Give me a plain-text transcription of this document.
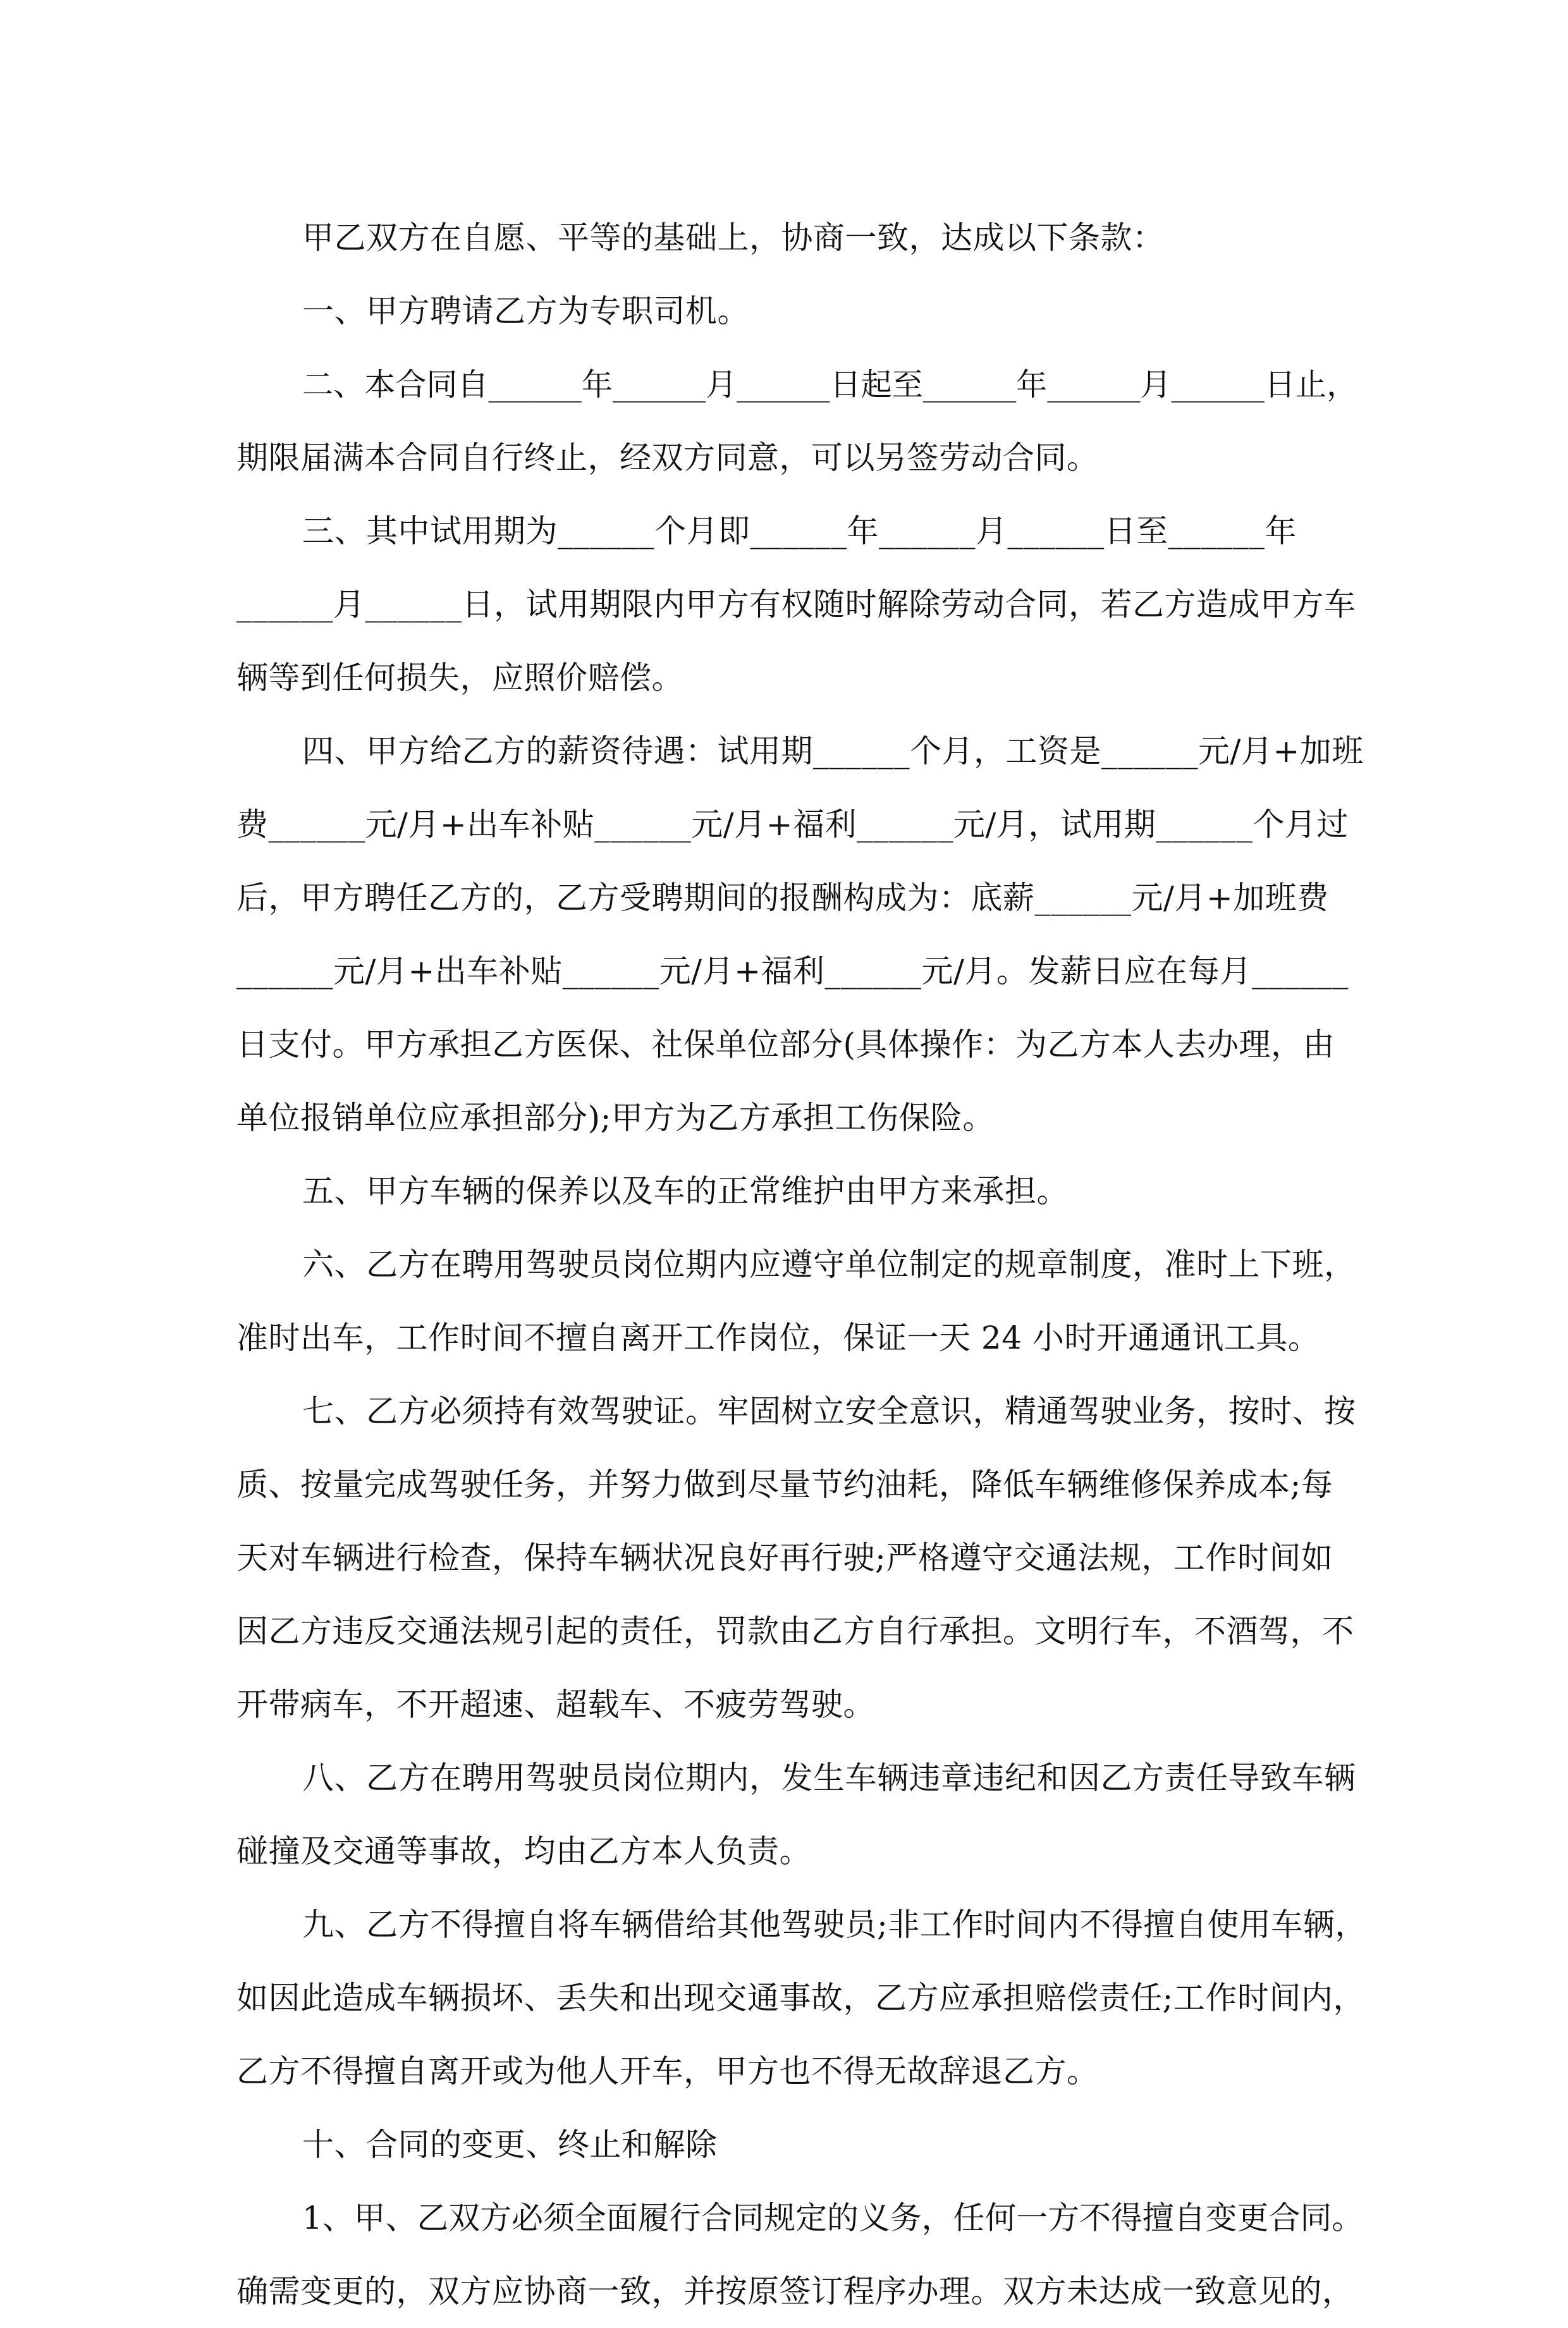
甲乙双方在自愿、平等的基础上，协商一致，达成以下条款：
一、甲方聘请乙方为专职司机。
二、本合同自______年______月______日起至______年______月______日止，
期限届满本合同自行终止，经双方同意，可以另签劳动合同。
三、其中试用期为______个月即______年______月______日至______年
______月______日，试用期限内甲方有权随时解除劳动合同，若乙方造成甲方车
辆等到任何损失，应照价赔偿。
四、甲方给乙方的薪资待遇：试用期______个月，工资是______元/月+加班
费______元/月+出车补贴______元/月+福利______元/月，试用期______个月过
后，甲方聘任乙方的，乙方受聘期间的报酬构成为：底薪______元/月+加班费
______元/月+出车补贴______元/月+福利______元/月。发薪日应在每月______
日支付。甲方承担乙方医保、社保单位部分(具体操作：为乙方本人去办理，由
单位报销单位应承担部分);甲方为乙方承担工伤保险。
五、甲方车辆的保养以及车的正常维护由甲方来承担。
六、乙方在聘用驾驶员岗位期内应遵守单位制定的规章制度，准时上下班，
准时出车，工作时间不擅自离开工作岗位，保证一天 24 小时开通通讯工具。
七、乙方必须持有效驾驶证。牢固树立安全意识，精通驾驶业务，按时、按
质、按量完成驾驶任务，并努力做到尽量节约油耗，降低车辆维修保养成本;每
天对车辆进行检查，保持车辆状况良好再行驶;严格遵守交通法规，工作时间如
因乙方违反交通法规引起的责任，罚款由乙方自行承担。文明行车，不酒驾，不
开带病车，不开超速、超载车、不疲劳驾驶。
八、乙方在聘用驾驶员岗位期内，发生车辆违章违纪和因乙方责任导致车辆
碰撞及交通等事故，均由乙方本人负责。
九、乙方不得擅自将车辆借给其他驾驶员;非工作时间内不得擅自使用车辆，
如因此造成车辆损坏、丢失和出现交通事故，乙方应承担赔偿责任;工作时间内，
乙方不得擅自离开或为他人开车，甲方也不得无故辞退乙方。
十、合同的变更、终止和解除
1、甲、乙双方必须全面履行合同规定的义务，任何一方不得擅自变更合同。
确需变更的，双方应协商一致，并按原签订程序办理。双方未达成一致意见的，
